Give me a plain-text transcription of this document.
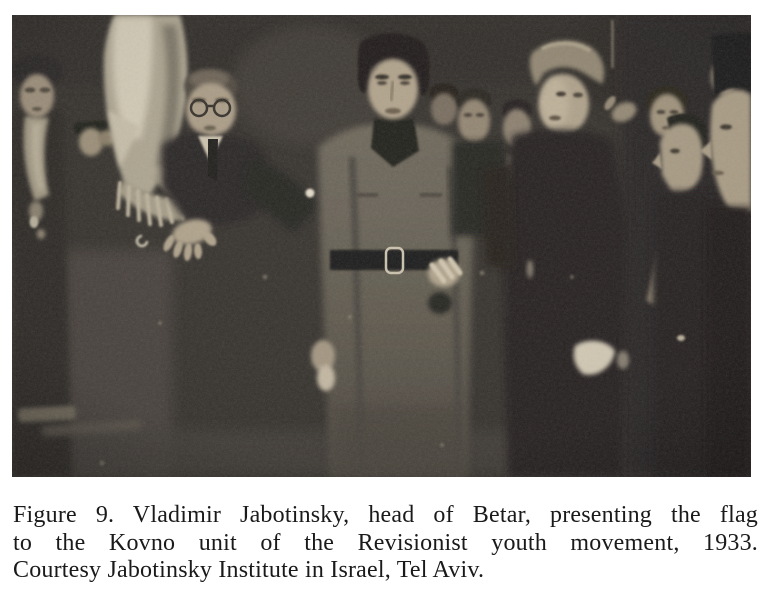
Figure 9. Vladimir Jabotinsky, head of Betar, presenting the flag
to the Kovno unit of the Revisionist youth movement, 1933.
Courtesy Jabotinsky Institute in Israel, Tel Aviv.
